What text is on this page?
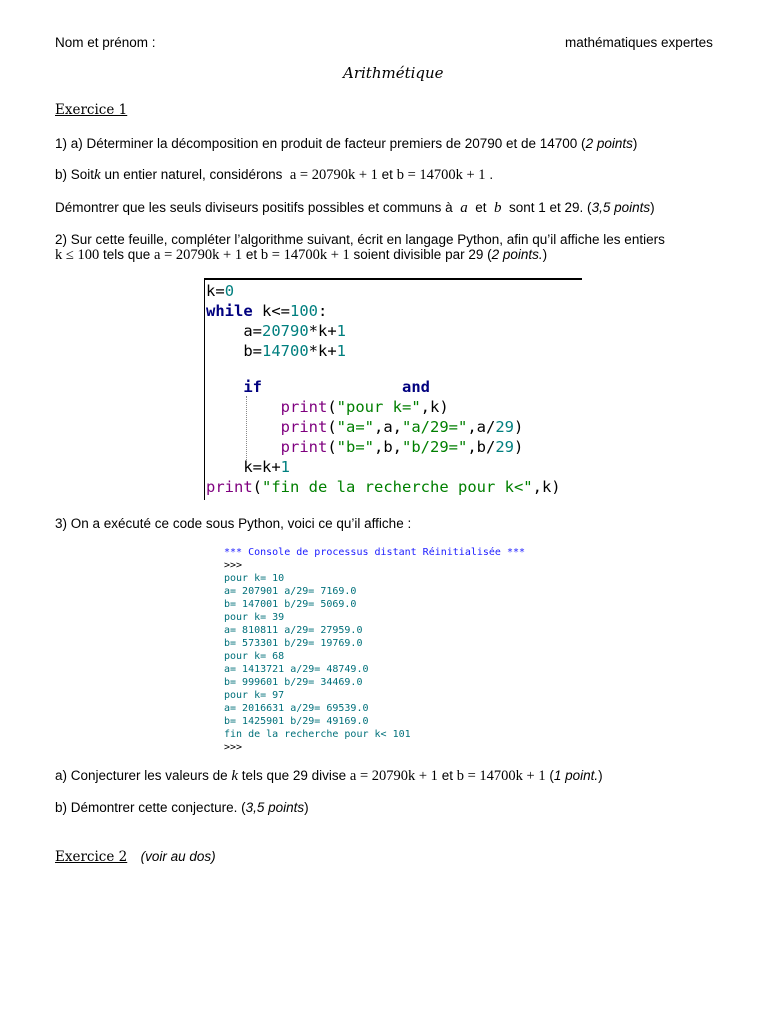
Nom et prénom :	mathématiques expertes
Arithmétique
Exercice 1
1) a) Déterminer la décomposition en produit de facteur premiers de 20790 et de 14700 (2 points)
b) Soitk un entier naturel, considérons a = 20790k + 1 et b = 14700k + 1 .
Démontrer que les seuls diviseurs positifs possibles et communs à a et b sont 1 et 29. (3,5 points)
2) Sur cette feuille, compléter l’algorithme suivant, écrit en langage Python, afin qu’il affiche les entiers
k ≤ 100 tels que a = 20790k + 1 et b = 14700k + 1 soient divisible par 29 (2 points.)
k=0
while k<=100:
a=20790*k+1
b=14700*k+1
if	and
print("pour k=",k)
print("a=",a,"a/29=",a/29)
print("b=",b,"b/29=",b/29)
k=k+1
print("fin de la recherche pour k<",k)
3) On a exécuté ce code sous Python, voici ce qu’il affiche :
*** Console de processus distant Réinitialisée ***
>>>
pour k= 10
a= 207901 a/29= 7169.0
b= 147001 b/29= 5069.0
pour k= 39
a= 810811 a/29= 27959.0
b= 573301 b/29= 19769.0
pour k= 68
a= 1413721 a/29= 48749.0
b= 999601 b/29= 34469.0
pour k= 97
a= 2016631 a/29= 69539.0
b= 1425901 b/29= 49169.0
fin de la recherche pour k< 101
>>>
a) Conjecturer les valeurs de k tels que 29 divise a = 20790k + 1 et b = 14700k + 1 (1 point.)
b) Démontrer cette conjecture. (3,5 points)
Exercice 2 (voir au dos)
